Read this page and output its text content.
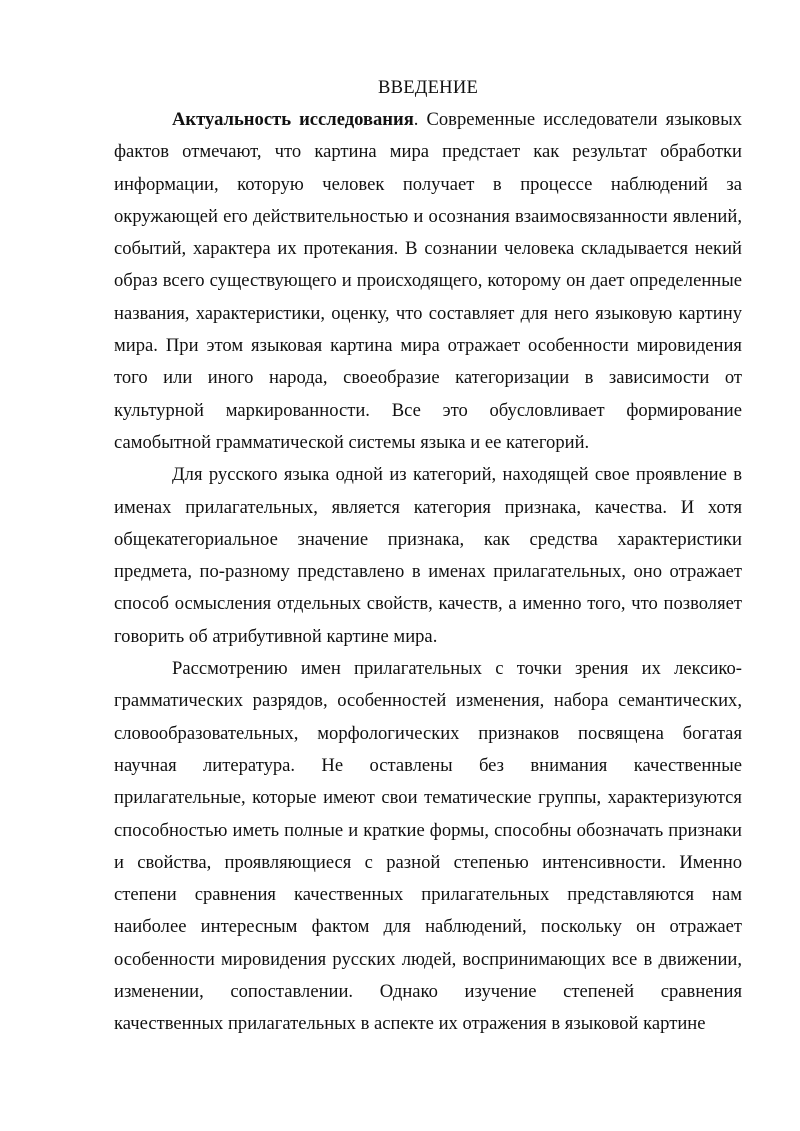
ВВЕДЕНИЕ

Актуальность исследования. Современные исследователи языковых фактов отмечают, что картина мира предстает как результат обработки информации, которую человек получает в процессе наблюдений за окружающей его действительностью и осознания взаимосвязанности явлений, событий, характера их протекания. В сознании человека складывается некий образ всего существующего и происходящего, которому он дает определенные названия, характеристики, оценку, что составляет для него языковую картину мира. При этом языковая картина мира отражает особенности мировидения того или иного народа, своеобразие категоризации в зависимости от культурной маркированности. Все это обусловливает формирование самобытной грамматической системы языка и ее категорий.

Для русского языка одной из категорий, находящей свое проявление в именах прилагательных, является категория признака, качества. И хотя общекатегориальное значение признака, как средства характеристики предмета, по-разному представлено в именах прилагательных, оно отражает способ осмысления отдельных свойств, качеств, а именно того, что позволяет говорить об атрибутивной картине мира.

Рассмотрению имен прилагательных с точки зрения их лексико-грамматических разрядов, особенностей изменения, набора семантических, словообразовательных, морфологических признаков посвящена богатая научная литература. Не оставлены без внимания качественные прилагательные, которые имеют свои тематические группы, характеризуются способностью иметь полные и краткие формы, способны обозначать признаки и свойства, проявляющиеся с разной степенью интенсивности. Именно степени сравнения качественных прилагательных представляются нам наиболее интересным фактом для наблюдений, поскольку он отражает особенности мировидения русских людей, воспринимающих все в движении, изменении, сопоставлении. Однако изучение степеней сравнения качественных прилагательных в аспекте их отражения в языковой картине
